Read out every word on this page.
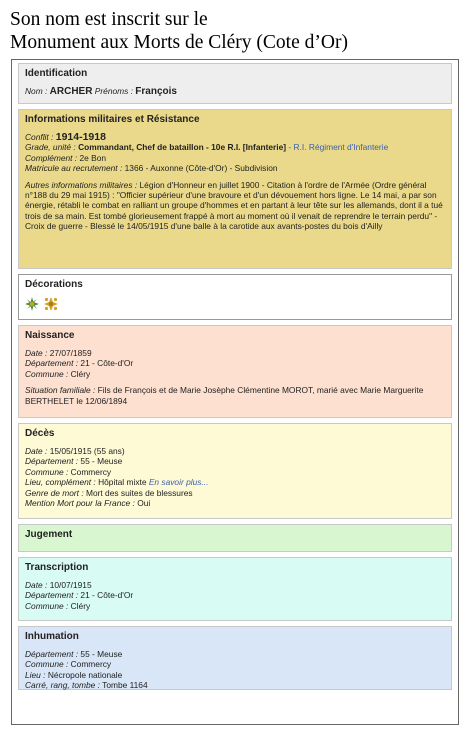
Son nom est inscrit sur le
Monument aux Morts de Cléry (Cote d’Or)
Identification
Nom : ARCHER Prénoms : François
Informations militaires et Résistance
Conflit : 1914-1918
Grade, unité : Commandant, Chef de bataillon - 10e R.I. [Infanterie] - R.I. Régiment d'Infanterie
Complément : 2e Bon
Matricule au recrutement : 1366 - Auxonne (Côte-d'Or) - Subdivision
Autres informations militaires : Légion d'Honneur en juillet 1900 - Citation à l'ordre de l'Armée (Ordre général n°188 du 29 mai 1915) : "Officier supérieur d'une bravoure et d'un dévouement hors ligne. Le 14 mai, a par son énergie, rétabli le combat en ralliant un groupe d'hommes et en partant à leur tête sur les allemands, dont il a tué trois de sa main. Est tombé glorieusement frappé à mort au moment où il venait de reprendre le terrain perdu" - Croix de guerre - Blessé le 14/05/1915 d'une balle à la carotide aux avants-postes du bois d'Ailly
Décorations
Naissance
Date : 27/07/1859
Département : 21 - Côte-d'Or
Commune : Cléry
Situation familiale : Fils de François et de Marie Josèphe Clémentine MOROT, marié avec Marie Marguerite BERTHELET le 12/06/1894
Décès
Date : 15/05/1915 (55 ans)
Département : 55 - Meuse
Commune : Commercy
Lieu, complément : Hôpital mixte En savoir plus...
Genre de mort : Mort des suites de blessures
Mention Mort pour la France : Oui
Jugement
Transcription
Date : 10/07/1915
Département : 21 - Côte-d'Or
Commune : Cléry
Inhumation
Département : 55 - Meuse
Commune : Commercy
Lieu : Nécropole nationale
Carré, rang, tombe : Tombe 1164
